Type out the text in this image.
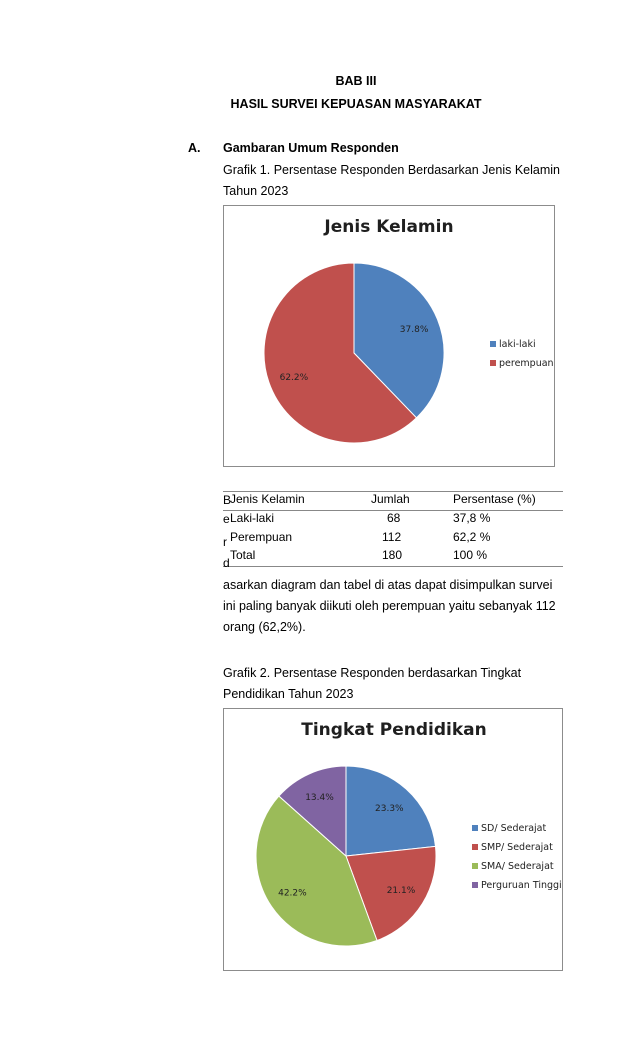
BAB III
HASIL SURVEI KEPUASAN MASYARAKAT
A. Gambaran Umum Responden
Grafik 1. Persentase Responden Berdasarkan Jenis Kelamin
Tahun 2023
Jenis Kelamin
37.8%
62.2%
laki-laki
perempuan
Jenis Kelamin	Jumlah	Persentase (%)
Laki-laki	68	37,8 %
Perempuan	112	62,2 %
Total	180	100 %
B
e
r
d
asarkan diagram dan tabel di atas dapat disimpulkan survei
ini paling banyak diikuti oleh perempuan yaitu sebanyak 112
orang (62,2%).
Grafik 2. Persentase Responden berdasarkan Tingkat
Pendidikan Tahun 2023
Tingkat Pendidikan
23.3%
21.1%
42.2%
13.4%
SD/ Sederajat
SMP/ Sederajat
SMA/ Sederajat
Perguruan Tinggi
